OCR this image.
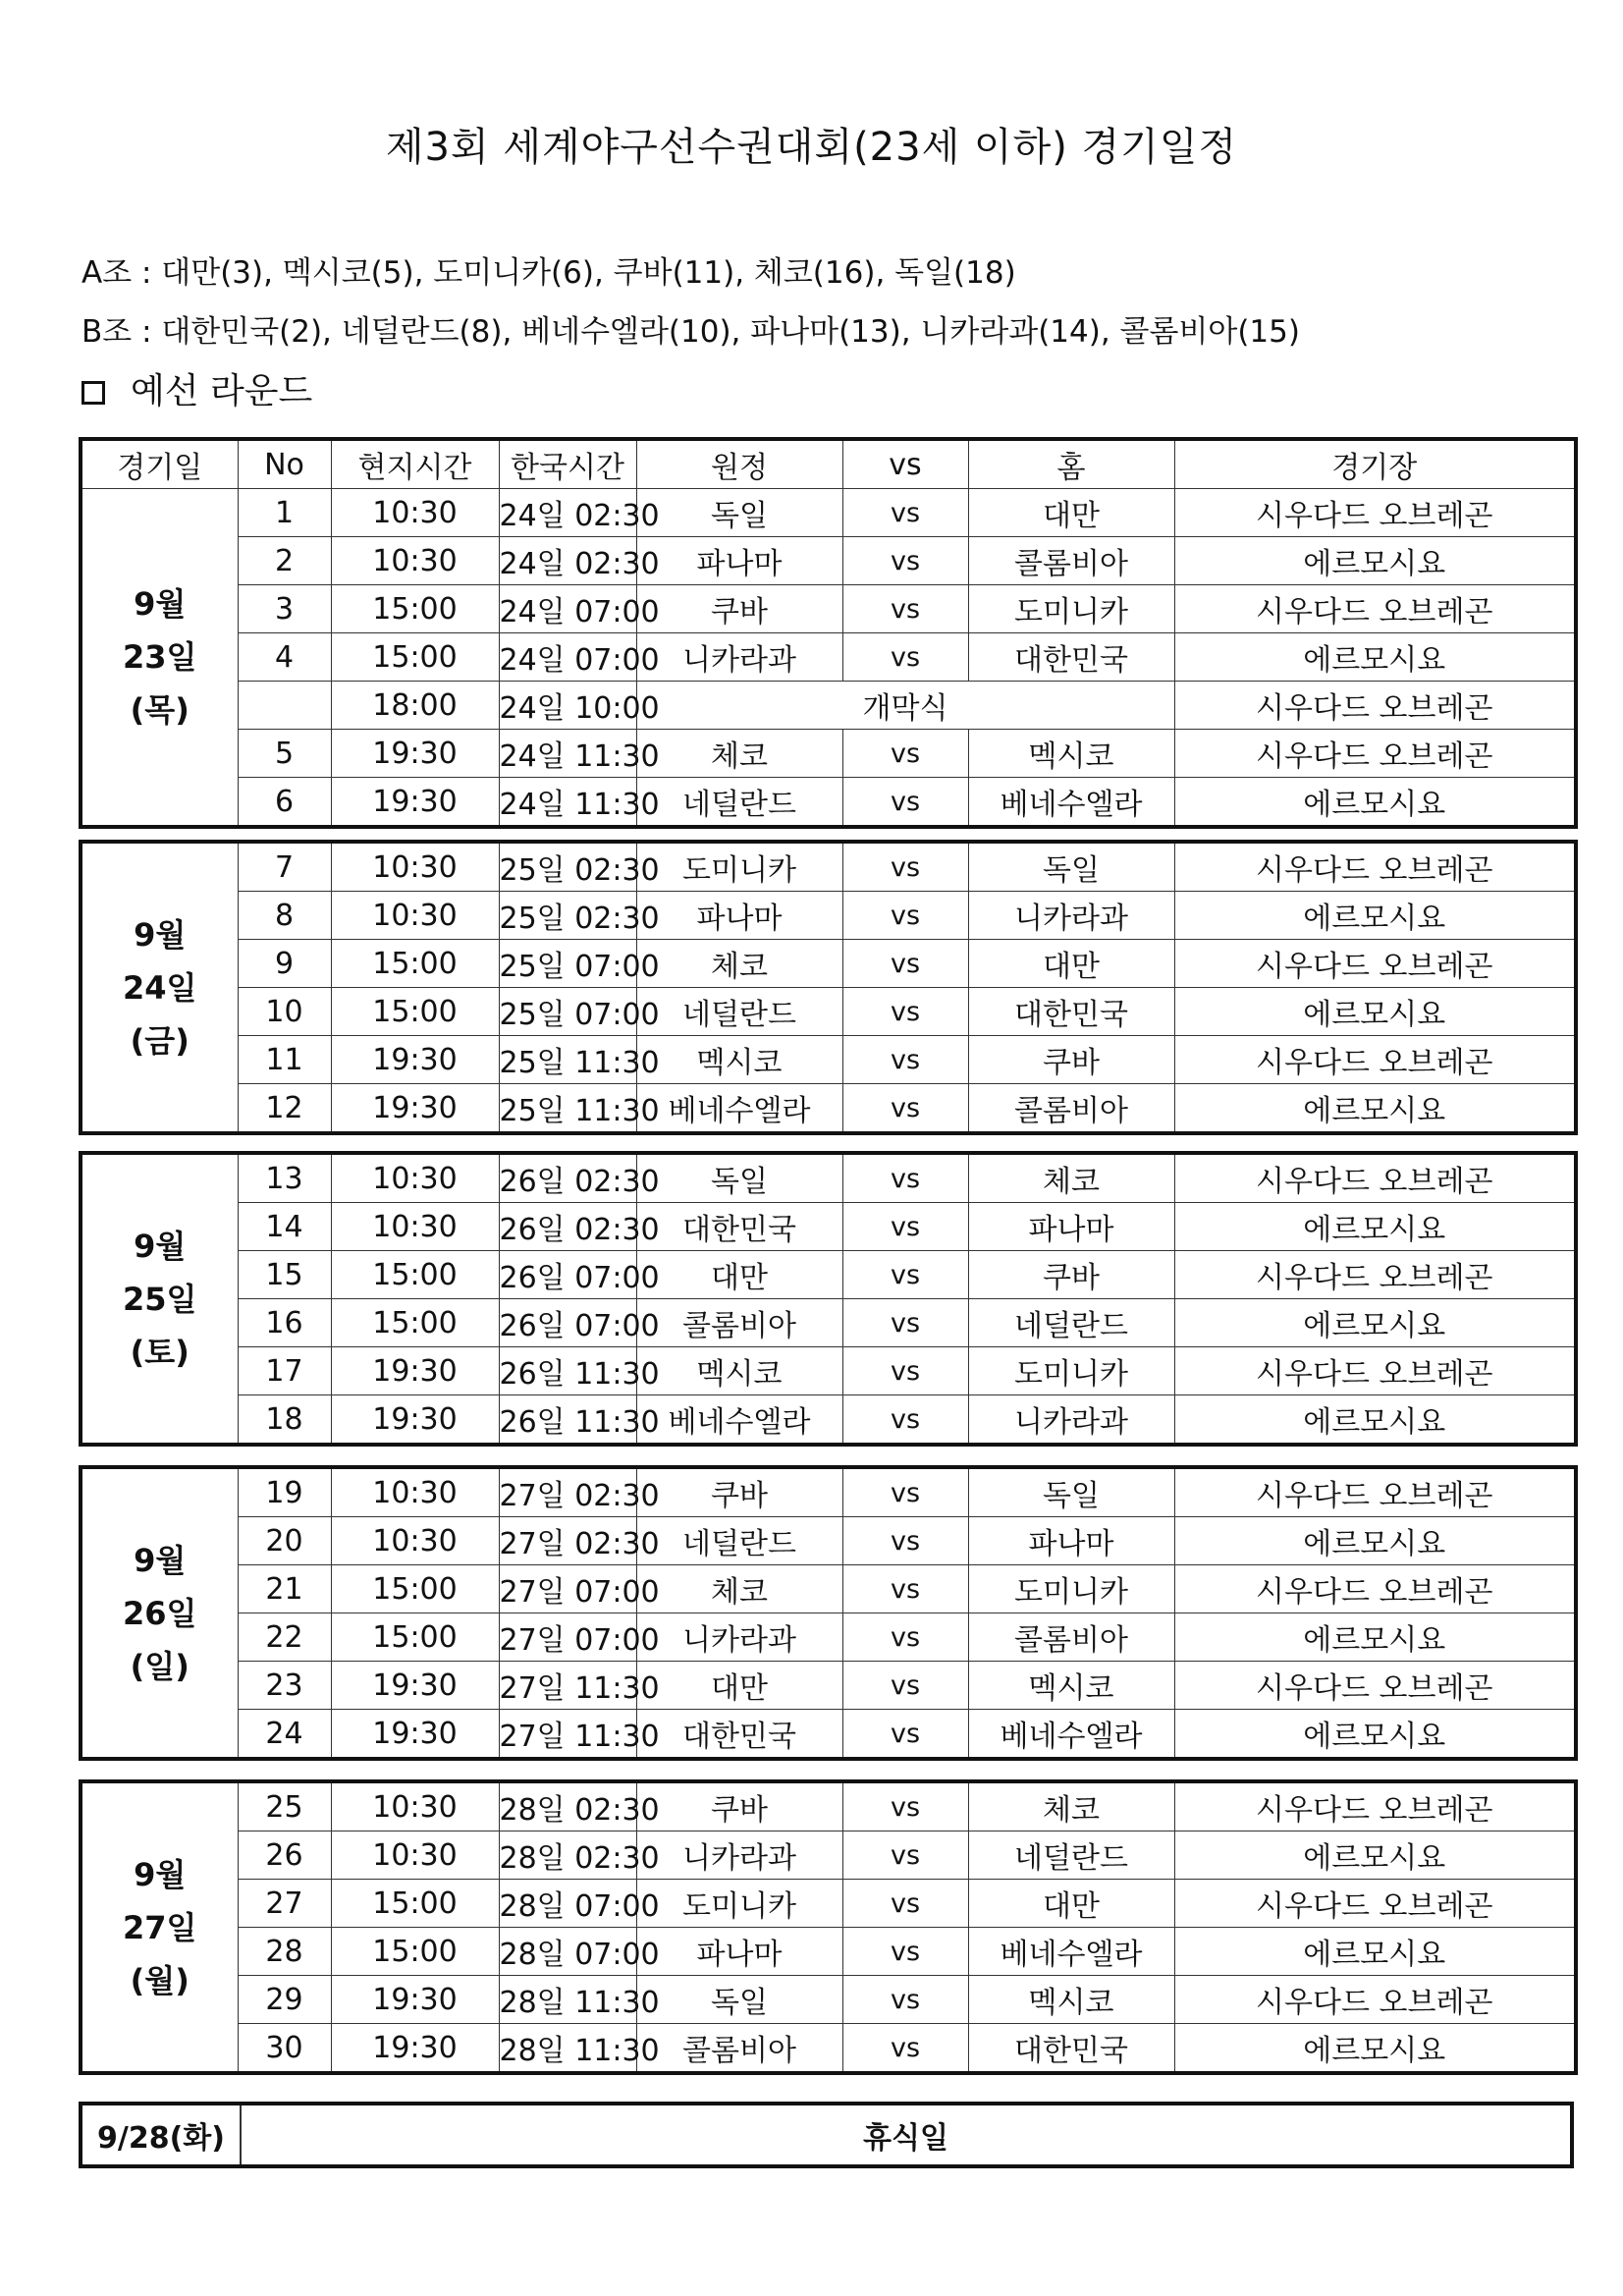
제3회 세계야구선수권대회(23세 이하) 경기일정
A조 : 대만(3), 멕시코(5), 도미니카(6), 쿠바(11), 체코(16), 독일(18)
B조 : 대한민국(2), 네덜란드(8), 베네수엘라(10), 파나마(13), 니카라과(14), 콜롬비아(15)
예선 라운드
경기일	No	현지시간	한국시간	원정	vs	홈	경기장
9월
23일
(목)	1	10:30	24일 02:30	독일	vs	대만	시우다드 오브레곤
	2	10:30	24일 02:30	파나마	vs	콜롬비아	에르모시요
	3	15:00	24일 07:00	쿠바	vs	도미니카	시우다드 오브레곤
	4	15:00	24일 07:00	니카라과	vs	대한민국	에르모시요
		18:00	24일 10:00	개막식			시우다드 오브레곤
	5	19:30	24일 11:30	체코	vs	멕시코	시우다드 오브레곤
	6	19:30	24일 11:30	네덜란드	vs	베네수엘라	에르모시요
9월
24일
(금)	7	10:30	25일 02:30	도미니카	vs	독일	시우다드 오브레곤
	8	10:30	25일 02:30	파나마	vs	니카라과	에르모시요
	9	15:00	25일 07:00	체코	vs	대만	시우다드 오브레곤
	10	15:00	25일 07:00	네덜란드	vs	대한민국	에르모시요
	11	19:30	25일 11:30	멕시코	vs	쿠바	시우다드 오브레곤
	12	19:30	25일 11:30	베네수엘라	vs	콜롬비아	에르모시요
9월
25일
(토)	13	10:30	26일 02:30	독일	vs	체코	시우다드 오브레곤
	14	10:30	26일 02:30	대한민국	vs	파나마	에르모시요
	15	15:00	26일 07:00	대만	vs	쿠바	시우다드 오브레곤
	16	15:00	26일 07:00	콜롬비아	vs	네덜란드	에르모시요
	17	19:30	26일 11:30	멕시코	vs	도미니카	시우다드 오브레곤
	18	19:30	26일 11:30	베네수엘라	vs	니카라과	에르모시요
9월
26일
(일)	19	10:30	27일 02:30	쿠바	vs	독일	시우다드 오브레곤
	20	10:30	27일 02:30	네덜란드	vs	파나마	에르모시요
	21	15:00	27일 07:00	체코	vs	도미니카	시우다드 오브레곤
	22	15:00	27일 07:00	니카라과	vs	콜롬비아	에르모시요
	23	19:30	27일 11:30	대만	vs	멕시코	시우다드 오브레곤
	24	19:30	27일 11:30	대한민국	vs	베네수엘라	에르모시요
9월
27일
(월)	25	10:30	28일 02:30	쿠바	vs	체코	시우다드 오브레곤
	26	10:30	28일 02:30	니카라과	vs	네덜란드	에르모시요
	27	15:00	28일 07:00	도미니카	vs	대만	시우다드 오브레곤
	28	15:00	28일 07:00	파나마	vs	베네수엘라	에르모시요
	29	19:30	28일 11:30	독일	vs	멕시코	시우다드 오브레곤
	30	19:30	28일 11:30	콜롬비아	vs	대한민국	에르모시요
9/28(화)	휴식일
